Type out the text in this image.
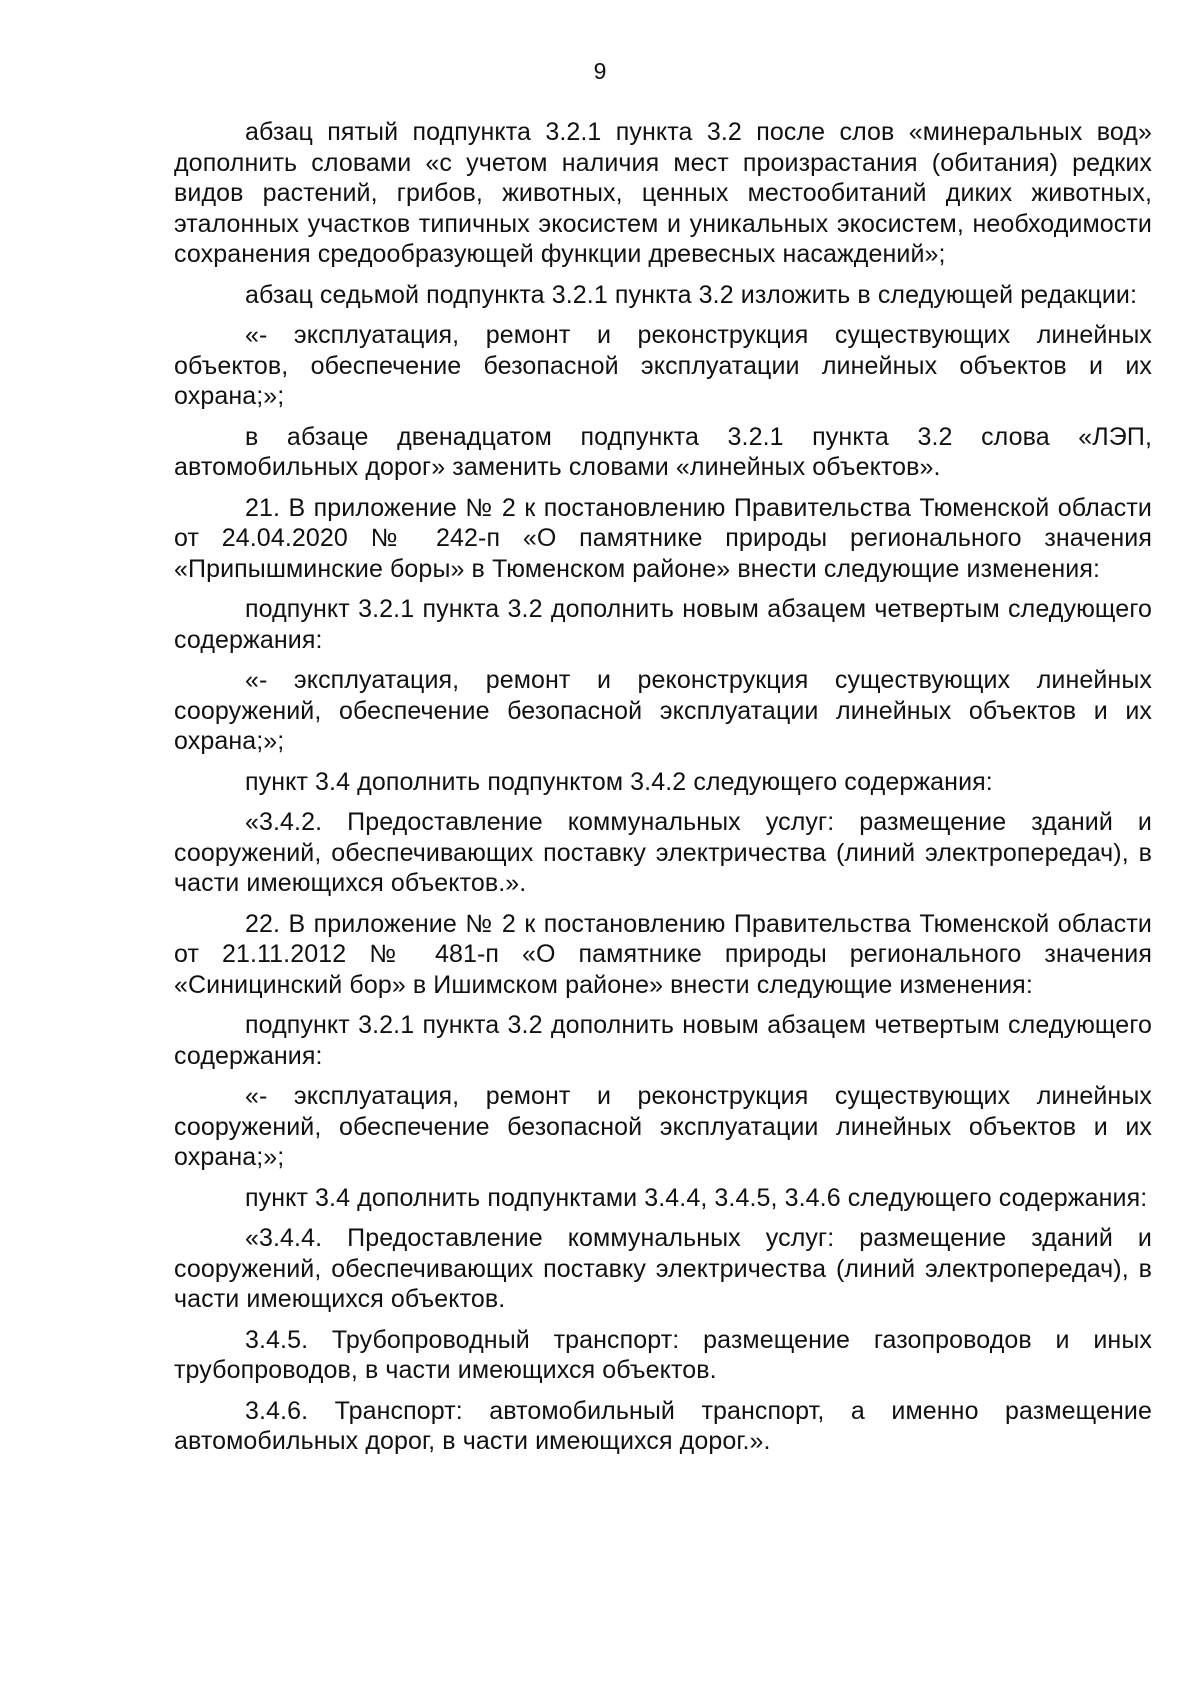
9

абзац пятый подпункта 3.2.1 пункта 3.2 после слов «минеральных вод» дополнить словами «с учетом наличия мест произрастания (обитания) редких видов растений, грибов, животных, ценных местообитаний диких животных, эталонных участков типичных экосистем и уникальных экосистем, необходимости сохранения средообразующей функции древесных насаждений»;

абзац седьмой подпункта 3.2.1 пункта 3.2 изложить в следующей редакции:

«- эксплуатация, ремонт и реконструкция существующих линейных объектов, обеспечение безопасной эксплуатации линейных объектов и их охрана;»;

в абзаце двенадцатом подпункта 3.2.1 пункта 3.2 слова «ЛЭП, автомобильных дорог» заменить словами «линейных объектов».

21. В приложение № 2 к постановлению Правительства Тюменской области от 24.04.2020 № 242-п «О памятнике природы регионального значения «Припышминские боры» в Тюменском районе» внести следующие изменения:

подпункт 3.2.1 пункта 3.2 дополнить новым абзацем четвертым следующего содержания:

«- эксплуатация, ремонт и реконструкция существующих линейных сооружений, обеспечение безопасной эксплуатации линейных объектов и их охрана;»;

пункт 3.4 дополнить подпунктом 3.4.2 следующего содержания:

«3.4.2. Предоставление коммунальных услуг: размещение зданий и сооружений, обеспечивающих поставку электричества (линий электропередач), в части имеющихся объектов.».

22. В приложение № 2 к постановлению Правительства Тюменской области от 21.11.2012 № 481-п «О памятнике природы регионального значения «Синицинский бор» в Ишимском районе» внести следующие изменения:

подпункт 3.2.1 пункта 3.2 дополнить новым абзацем четвертым следующего содержания:

«- эксплуатация, ремонт и реконструкция существующих линейных сооружений, обеспечение безопасной эксплуатации линейных объектов и их охрана;»;

пункт 3.4 дополнить подпунктами 3.4.4, 3.4.5, 3.4.6 следующего содержания:

«3.4.4. Предоставление коммунальных услуг: размещение зданий и сооружений, обеспечивающих поставку электричества (линий электропередач), в части имеющихся объектов.

3.4.5. Трубопроводный транспорт: размещение газопроводов и иных трубопроводов, в части имеющихся объектов.

3.4.6. Транспорт: автомобильный транспорт, а именно размещение автомобильных дорог, в части имеющихся дорог.».
